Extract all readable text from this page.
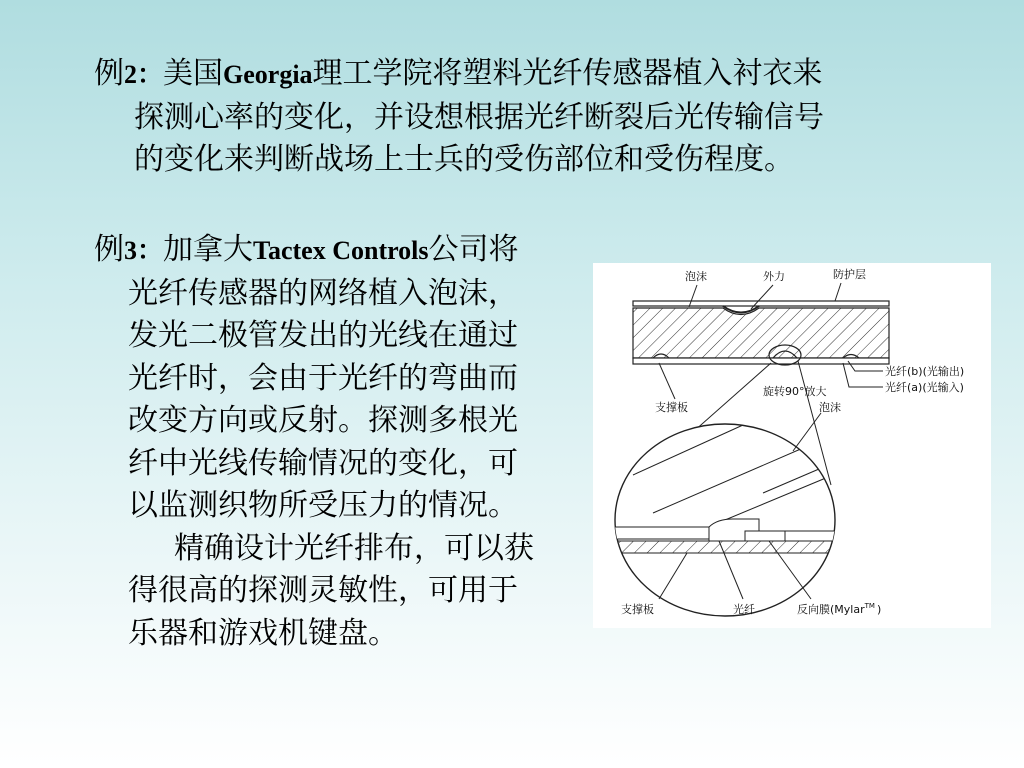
例2：美国Georgia理工学院将塑料光纤传感器植入衬衣来
探测心率的变化，并设想根据光纤断裂后光传输信号
的变化来判断战场上士兵的受伤部位和受伤程度。
例3：加拿大Tactex Controls公司将
光纤传感器的网络植入泡沫，
发光二极管发出的光线在通过
光纤时，会由于光纤的弯曲而
改变方向或反射。探测多根光
纤中光线传输情况的变化，可
以监测织物所受压力的情况。
精确设计光纤排布，可以获
得很高的探测灵敏性，可用于
乐器和游戏机键盘。
泡沫	外力	防护层
光纤(b)(光输出)
光纤(a)(光输入)
支撑板
旋转90°放大
泡沫
支撑板	光纤	反向膜(Mylar™ )
